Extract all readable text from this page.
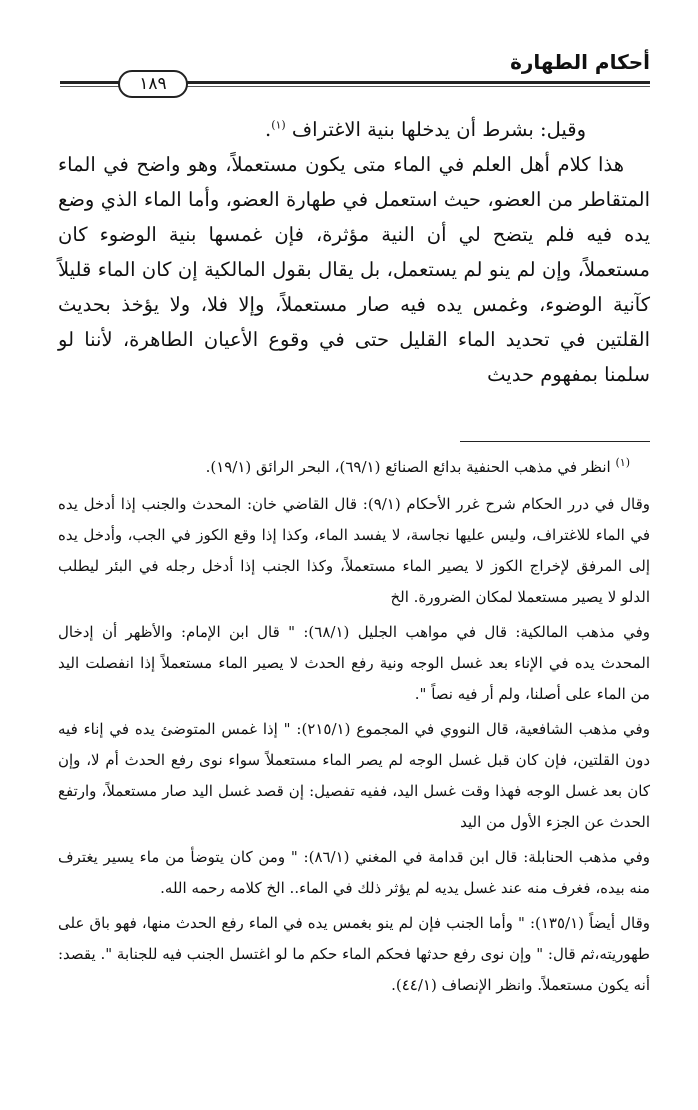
أحكام الطهارة
١٨٩

وقيل: بشرط أن يدخلها بنية الاغتراف $^{(١)}$.

هذا كلام أهل العلم في الماء متى يكون مستعملاً، وهو واضح في الماء المتقاطر من العضو، حيث استعمل في طهارة العضو، وأما الماء الذي وضع يده فيه فلم يتضح لي أن النية مؤثرة، فإن غمسها بنية الوضوء كان مستعملاً، وإن لم ينو لم يستعمل، بل يقال بقول المالكية إن كان الماء قليلاً كآنية الوضوء، وغمس يده فيه صار مستعملاً، وإلا فلا، ولا يؤخذ بحديث القلتين في تحديد الماء القليل حتى في وقوع الأعيان الطاهرة، لأننا لو سلمنا بمفهوم حديث

$^{(١)}$ انظر في مذهب الحنفية بدائع الصنائع (٦٩/١)، البحر الرائق (١٩/١).

وقال في درر الحكام شرح غرر الأحكام (٩/١): قال القاضي خان: المحدث والجنب إذا أدخل يده في الماء للاغتراف، وليس عليها نجاسة، لا يفسد الماء، وكذا إذا وقع الكوز في الجب، وأدخل يده إلى المرفق لإخراج الكوز لا يصير الماء مستعملاً، وكذا الجنب إذا أدخل رجله في البئر ليطلب الدلو لا يصير مستعملا لمكان الضرورة. الخ

وفي مذهب المالكية: قال في مواهب الجليل (٦٨/١): " قال ابن الإمام: والأظهر أن إدخال المحدث يده في الإناء بعد غسل الوجه ونية رفع الحدث لا يصير الماء مستعملاً إذا انفصلت اليد من الماء على أصلنا، ولم أر فيه نصاً ".

وفي مذهب الشافعية، قال النووي في المجموع (٢١٥/١): " إذا غمس المتوضئ يده في إناء فيه دون القلتين، فإن كان قبل غسل الوجه لم يصر الماء مستعملاً سواء نوى رفع الحدث أم لا، وإن كان بعد غسل الوجه فهذا وقت غسل اليد، ففيه تفصيل: إن قصد غسل اليد صار مستعملاً، وارتفع الحدث عن الجزء الأول من اليد

وفي مذهب الحنابلة: قال ابن قدامة في المغني (٨٦/١): " ومن كان يتوضأ من ماء يسير يغترف منه بيده، فغرف منه عند غسل يديه لم يؤثر ذلك في الماء.. الخ كلامه رحمه الله.

وقال أيضاً (١٣٥/١): " وأما الجنب فإن لم ينو بغمس يده في الماء رفع الحدث منها، فهو باق على طهوريته،ثم قال: " وإن نوى رفع حدثها فحكم الماء حكم ما لو اغتسل الجنب فيه للجنابة ". يقصد: أنه يكون مستعملاً. وانظر الإنصاف (٤٤/١).
